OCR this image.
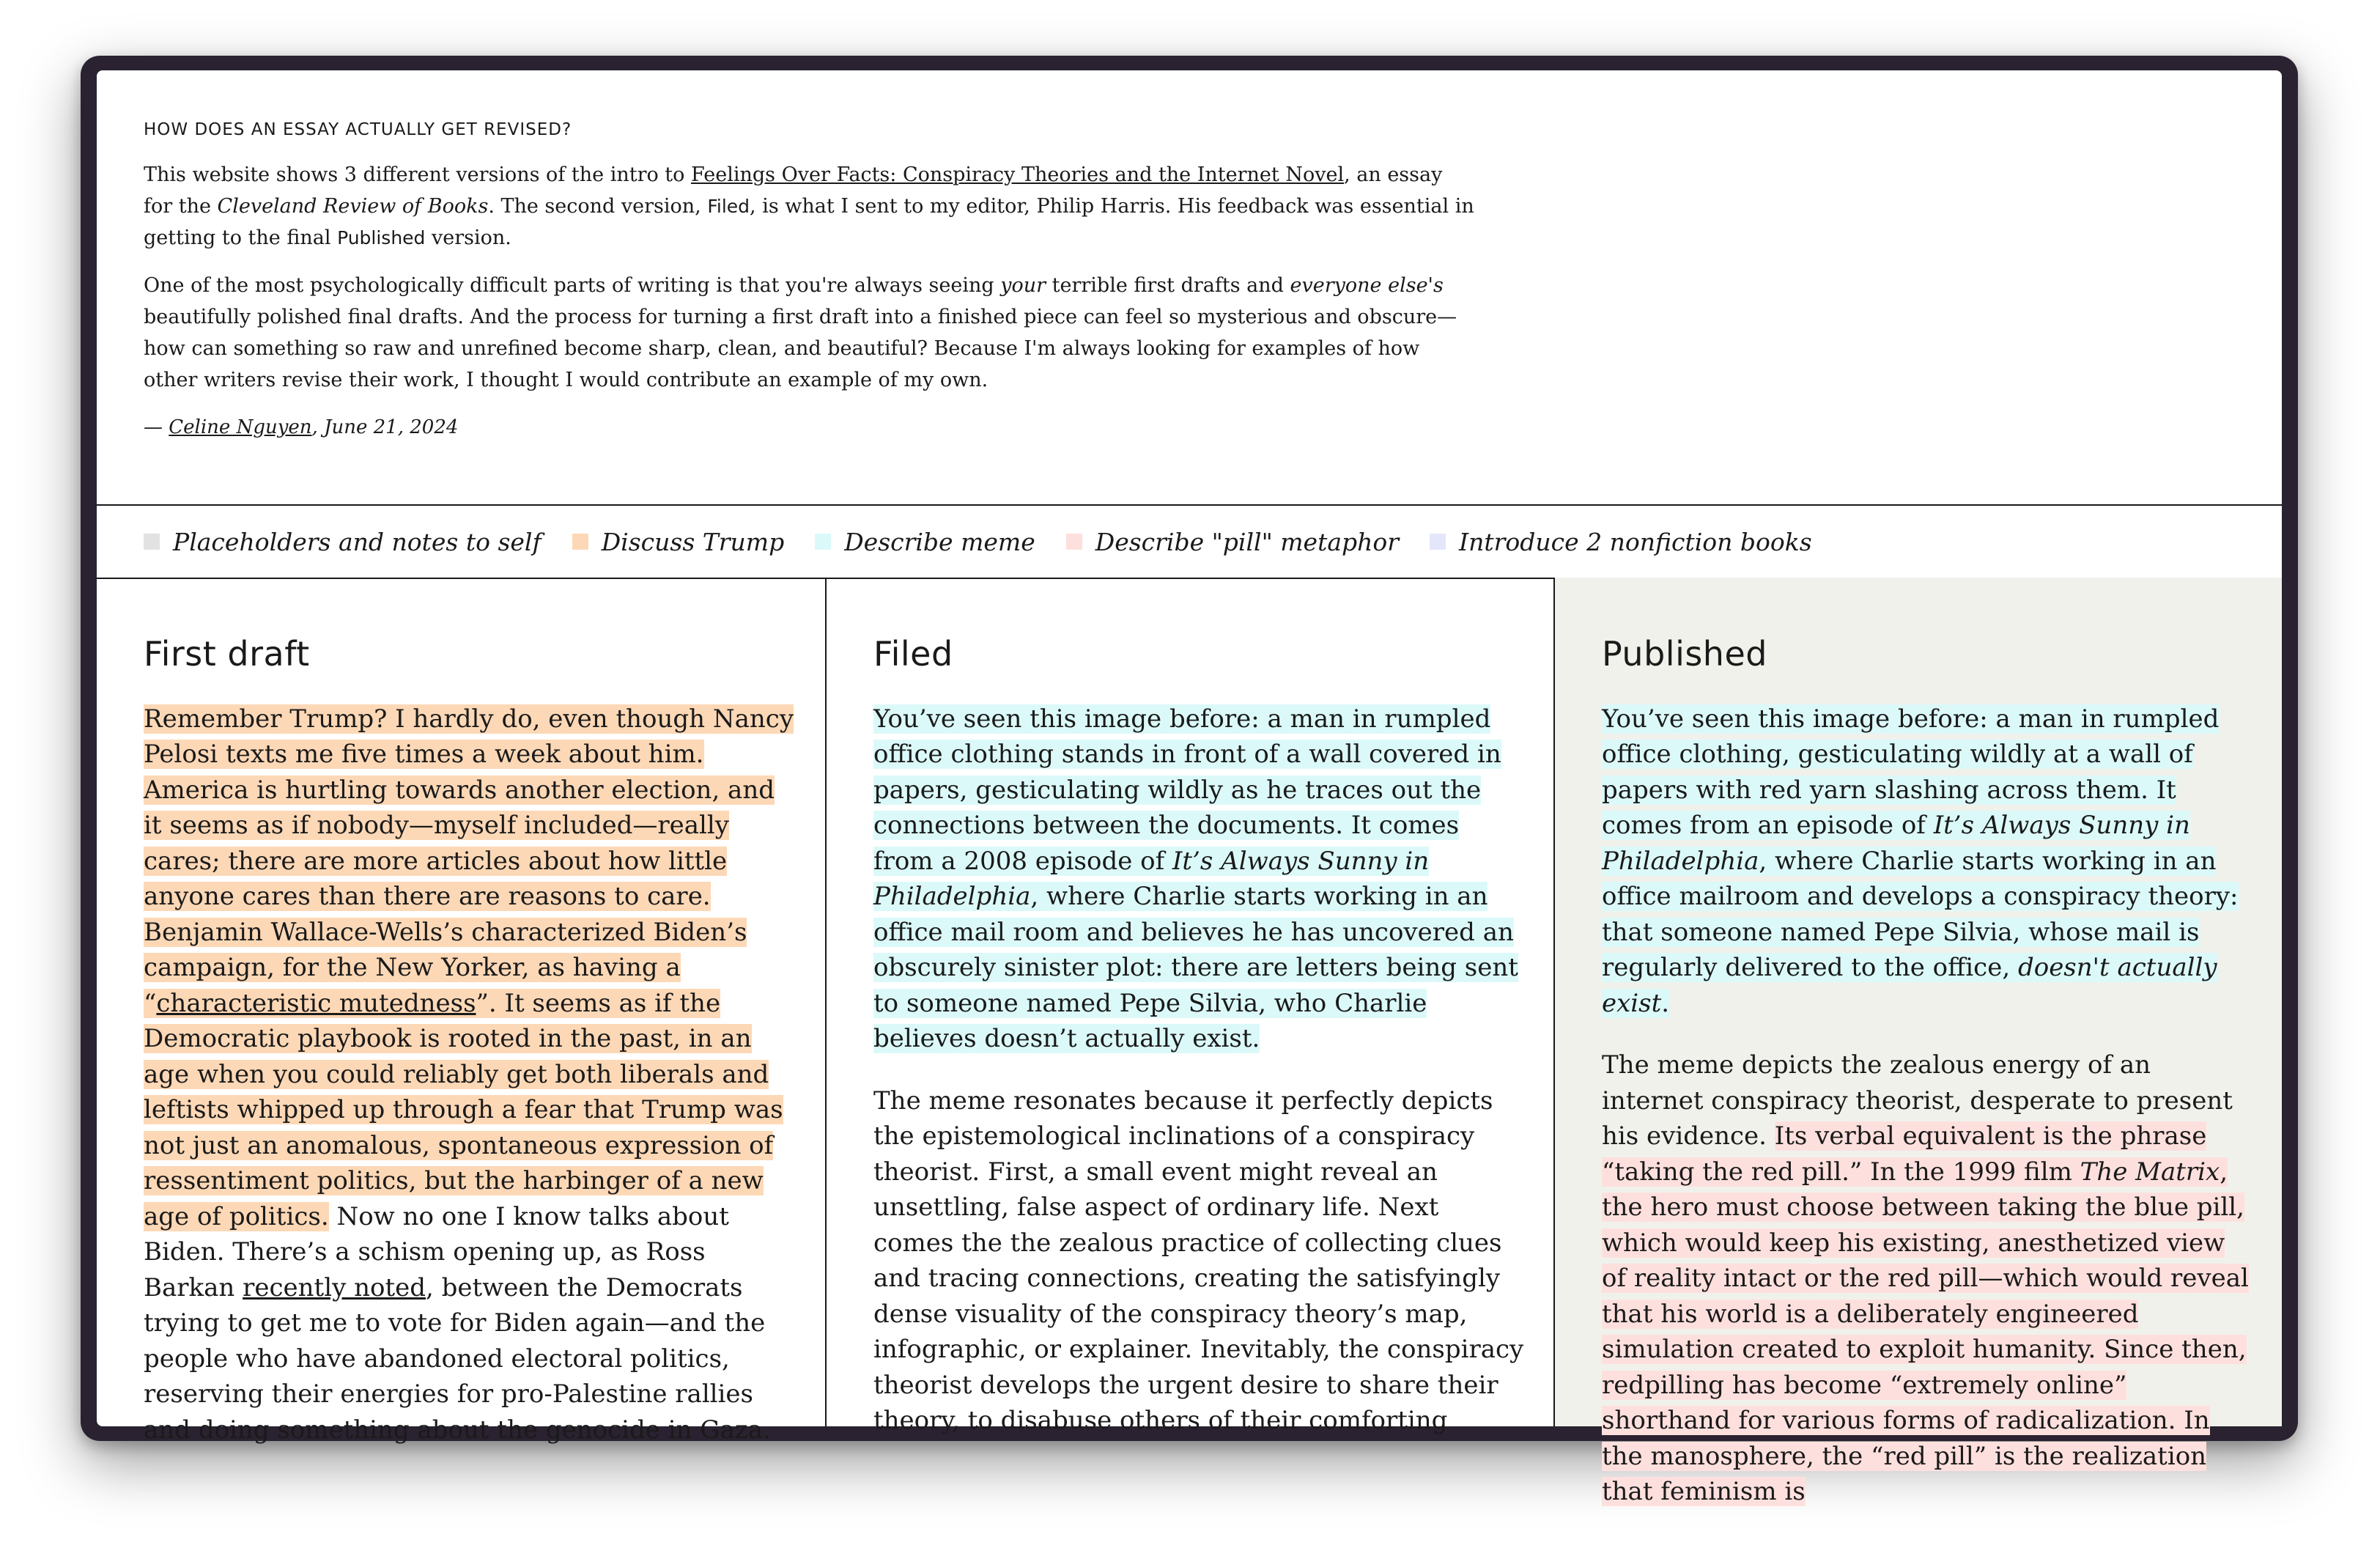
HOW DOES AN ESSAY ACTUALLY GET REVISED?

This website shows 3 different versions of the intro to Feelings Over Facts: Conspiracy Theories and the Internet Novel, an essay for the Cleveland Review of Books. The second version, Filed, is what I sent to my editor, Philip Harris. His feedback was essential in getting to the final Published version.

One of the most psychologically difficult parts of writing is that you're always seeing your terrible first drafts and everyone else's beautifully polished final drafts. And the process for turning a first draft into a finished piece can feel so mysterious and obscure—how can something so raw and unrefined become sharp, clean, and beautiful? Because I'm always looking for examples of how other writers revise their work, I thought I would contribute an example of my own.

— Celine Nguyen, June 21, 2024

Placeholders and notes to self Discuss Trump Describe meme Describe "pill" metaphor Introduce 2 nonfiction books
First draft

Remember Trump? I hardly do, even though Nancy Pelosi texts me five times a week about him. America is hurtling towards another election, and it seems as if nobody—myself included—really cares; there are more articles about how little anyone cares than there are reasons to care. Benjamin Wallace-Wells’s characterized Biden’s campaign, for the New Yorker, as having a “characteristic mutedness”. It seems as if the Democratic playbook is rooted in the past, in an age when you could reliably get both liberals and leftists whipped up through a fear that Trump was not just an anomalous, spontaneous expression of ressentiment politics, but the harbinger of a new age of politics. Now no one I know talks about Biden. There’s a schism opening up, as Ross Barkan recently noted, between the Democrats trying to get me to vote for Biden again—and the people who have abandoned electoral politics, reserving their energies for pro-Palestine rallies and doing something about the genocide in Gaza.

Filed

You’ve seen this image before: a man in rumpled office clothing stands in front of a wall covered in papers, gesticulating wildly as he traces out the connections between the documents. It comes from a 2008 episode of It’s Always Sunny in Philadelphia, where Charlie starts working in an office mail room and believes he has uncovered an obscurely sinister plot: there are letters being sent to someone named Pepe Silvia, who Charlie believes doesn’t actually exist.

The meme resonates because it perfectly depicts the epistemological inclinations of a conspiracy theorist. First, a small event might reveal an unsettling, false aspect of ordinary life. Next comes the the zealous practice of collecting clues and tracing connections, creating the satisfyingly dense visuality of the conspiracy theory’s map, infographic, or explainer. Inevitably, the conspiracy theorist develops the urgent desire to share their theory, to disabuse others of their comforting

Published

You’ve seen this image before: a man in rumpled office clothing, gesticulating wildly at a wall of papers with red yarn slashing across them. It comes from an episode of It’s Always Sunny in Philadelphia, where Charlie starts working in an office mailroom and develops a conspiracy theory: that someone named Pepe Silvia, whose mail is regularly delivered to the office, doesn't actually exist.

The meme depicts the zealous energy of an internet conspiracy theorist, desperate to present his evidence. Its verbal equivalent is the phrase “taking the red pill.” In the 1999 film The Matrix, the hero must choose between taking the blue pill, which would keep his existing, anesthetized view of reality intact or the red pill—which would reveal that his world is a deliberately engineered simulation created to exploit humanity. Since then, redpilling has become “extremely online” shorthand for various forms of radicalization. In the manosphere, the “red pill” is the realization that feminism is
